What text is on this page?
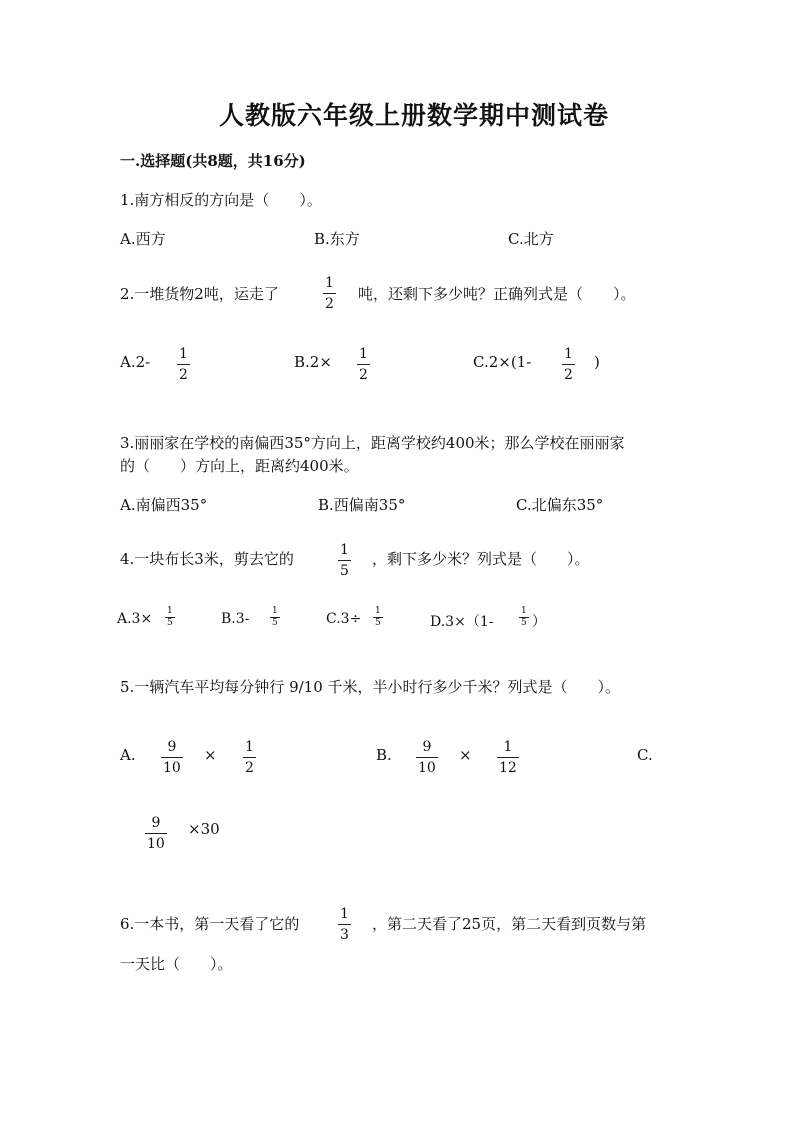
人教版六年级上册数学期中测试卷
一.选择题(共8题，共16分)
1.南方相反的方向是（　　）。
A.西方	B.东方	C.北方
2.一堆货物2吨，运走了
1
2
吨，还剩下多少吨？正确列式是（　　）。
A.2- 1
2
B.2× 1
2
C.2×(1- 1
2
)
3.丽丽家在学校的南偏西35°方向上，距离学校约400米；那么学校在丽丽家
的（　　）方向上，距离约400米。
A.南偏西35°	B.西偏南35°	C.北偏东35°
4.一块布长3米，剪去它的	1
5
，剩下多少米？列式是（　　）。
A.3× 1
5	B.3-	1
5	C.3÷ 1
5	D.3×（1-
1
5 ）
5.一辆汽车平均每分钟行 9/10 千米，半小时行多少千米？列式是（　　）。
A. 9
10
× 1
2
B. 9
10
× 1
12
C.
9
10
×30
6.一本书，第一天看了它的
1
3
，第二天看了25页，第二天看到页数与第
一天比（　　）。
